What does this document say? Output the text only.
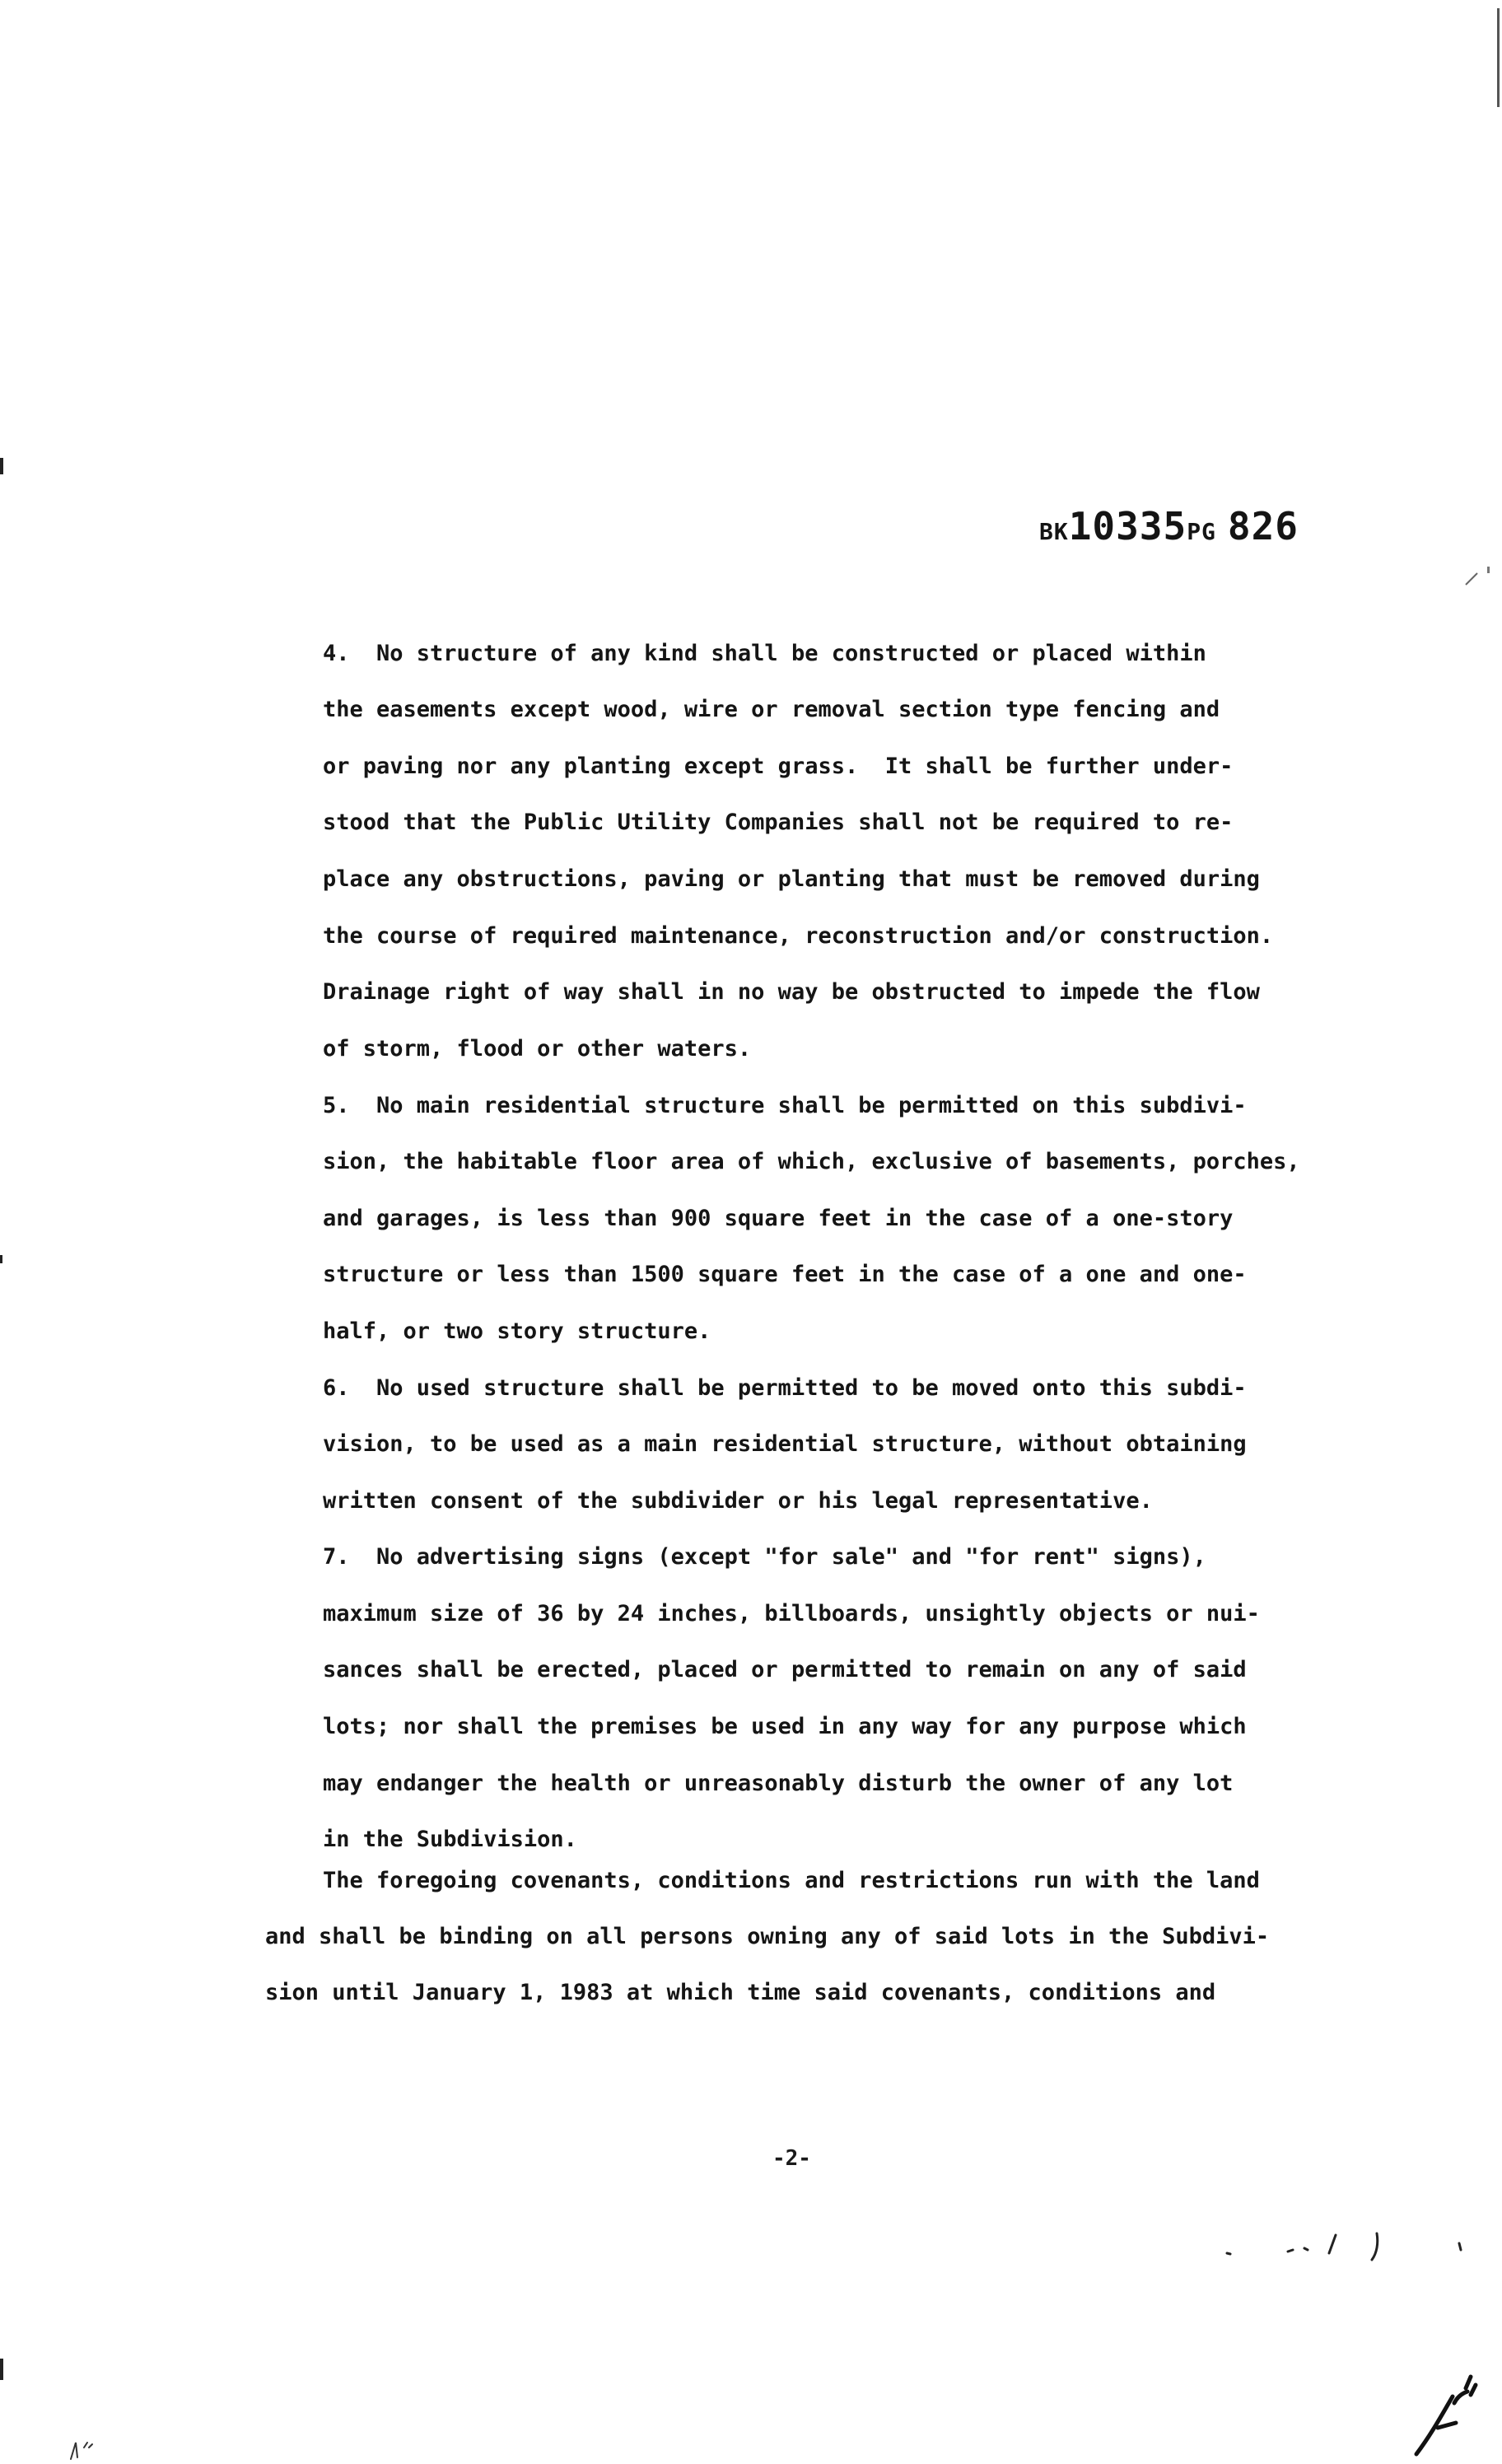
BK10335PG 826
4.  No structure of any kind shall be constructed or placed within
the easements except wood, wire or removal section type fencing and
or paving nor any planting except grass.  It shall be further under-
stood that the Public Utility Companies shall not be required to re-
place any obstructions, paving or planting that must be removed during
the course of required maintenance, reconstruction and/or construction.
Drainage right of way shall in no way be obstructed to impede the flow
of storm, flood or other waters.
5.  No main residential structure shall be permitted on this subdivi-
sion, the habitable floor area of which, exclusive of basements, porches,
and garages, is less than 900 square feet in the case of a one-story
structure or less than 1500 square feet in the case of a one and one-
half, or two story structure.
6.  No used structure shall be permitted to be moved onto this subdi-
vision, to be used as a main residential structure, without obtaining
written consent of the subdivider or his legal representative.
7.  No advertising signs (except "for sale" and "for rent" signs),
maximum size of 36 by 24 inches, billboards, unsightly objects or nui-
sances shall be erected, placed or permitted to remain on any of said
lots; nor shall the premises be used in any way for any purpose which
may endanger the health or unreasonably disturb the owner of any lot
in the Subdivision.
The foregoing covenants, conditions and restrictions run with the land
and shall be binding on all persons owning any of said lots in the Subdivi-
sion until January 1, 1983 at which time said covenants, conditions and
-2-
